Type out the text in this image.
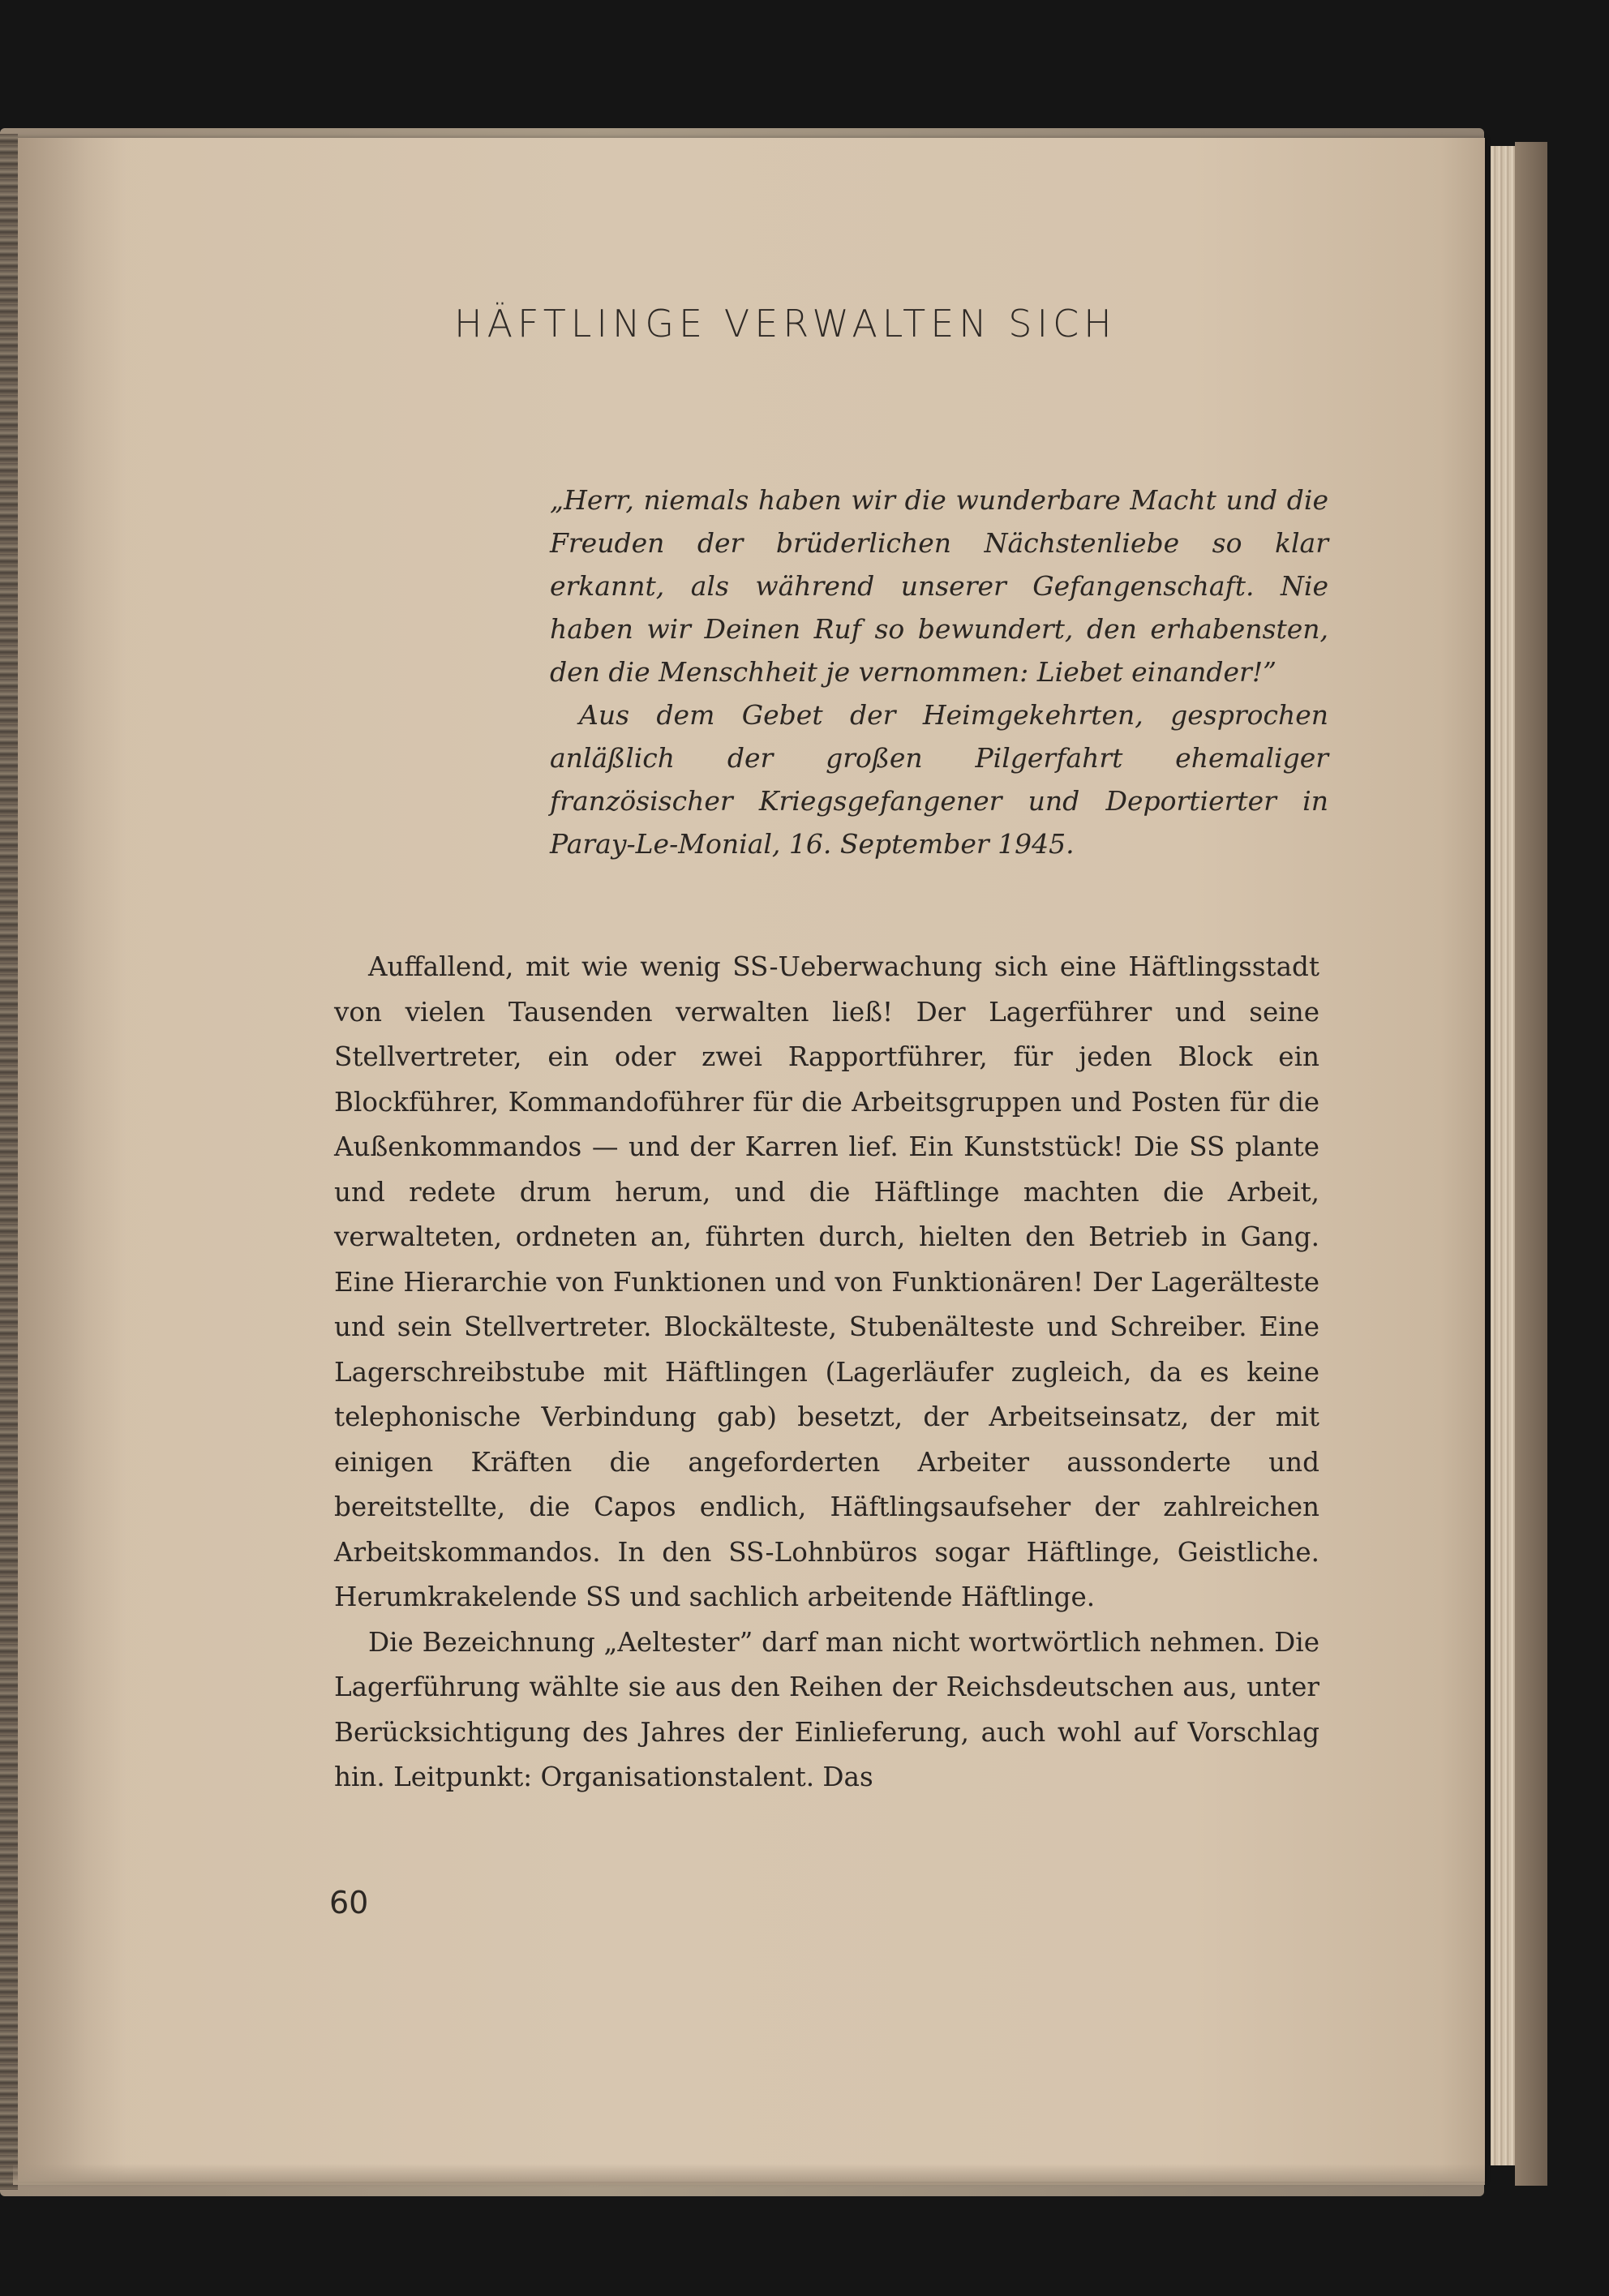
HÄFTLINGE VERWALTEN SICH

„Herr, niemals haben wir die wunderbare Macht und die Freuden der brüderlichen Nächstenliebe so klar erkannt, als während unserer Gefangenschaft. Nie haben wir Deinen Ruf so bewundert, den erhabensten, den die Menschheit je vernommen: Liebet einander!”

Aus dem Gebet der Heimgekehrten, gesprochen anläßlich der großen Pilgerfahrt ehemaliger französischer Kriegsgefangener und Deportierter in Paray-Le-Monial, 16. September 1945.

Auffallend, mit wie wenig SS-Ueberwachung sich eine Häftlingsstadt von vielen Tausenden verwalten ließ! Der Lagerführer und seine Stellvertreter, ein oder zwei Rapportführer, für jeden Block ein Blockführer, Kommandoführer für die Arbeitsgruppen und Posten für die Außenkommandos — und der Karren lief. Ein Kunststück! Die SS plante und redete drum herum, und die Häftlinge machten die Arbeit, verwalteten, ordneten an, führten durch, hielten den Betrieb in Gang. Eine Hierarchie von Funktionen und von Funktionären! Der Lagerälteste und sein Stellvertreter. Blockälteste, Stubenälteste und Schreiber. Eine Lagerschreibstube mit Häftlingen (Lagerläufer zugleich, da es keine telephonische Verbindung gab) besetzt, der Arbeitseinsatz, der mit einigen Kräften die angeforderten Arbeiter aussonderte und bereitstellte, die Capos endlich, Häftlingsaufseher der zahlreichen Arbeitskommandos. In den SS-Lohnbüros sogar Häftlinge, Geistliche. Herumkrakelende SS und sachlich arbeitende Häftlinge.

Die Bezeichnung „Aeltester” darf man nicht wortwörtlich nehmen. Die Lagerführung wählte sie aus den Reihen der Reichsdeutschen aus, unter Berücksichtigung des Jahres der Einlieferung, auch wohl auf Vorschlag hin. Leitpunkt: Organisationstalent. Das

60
